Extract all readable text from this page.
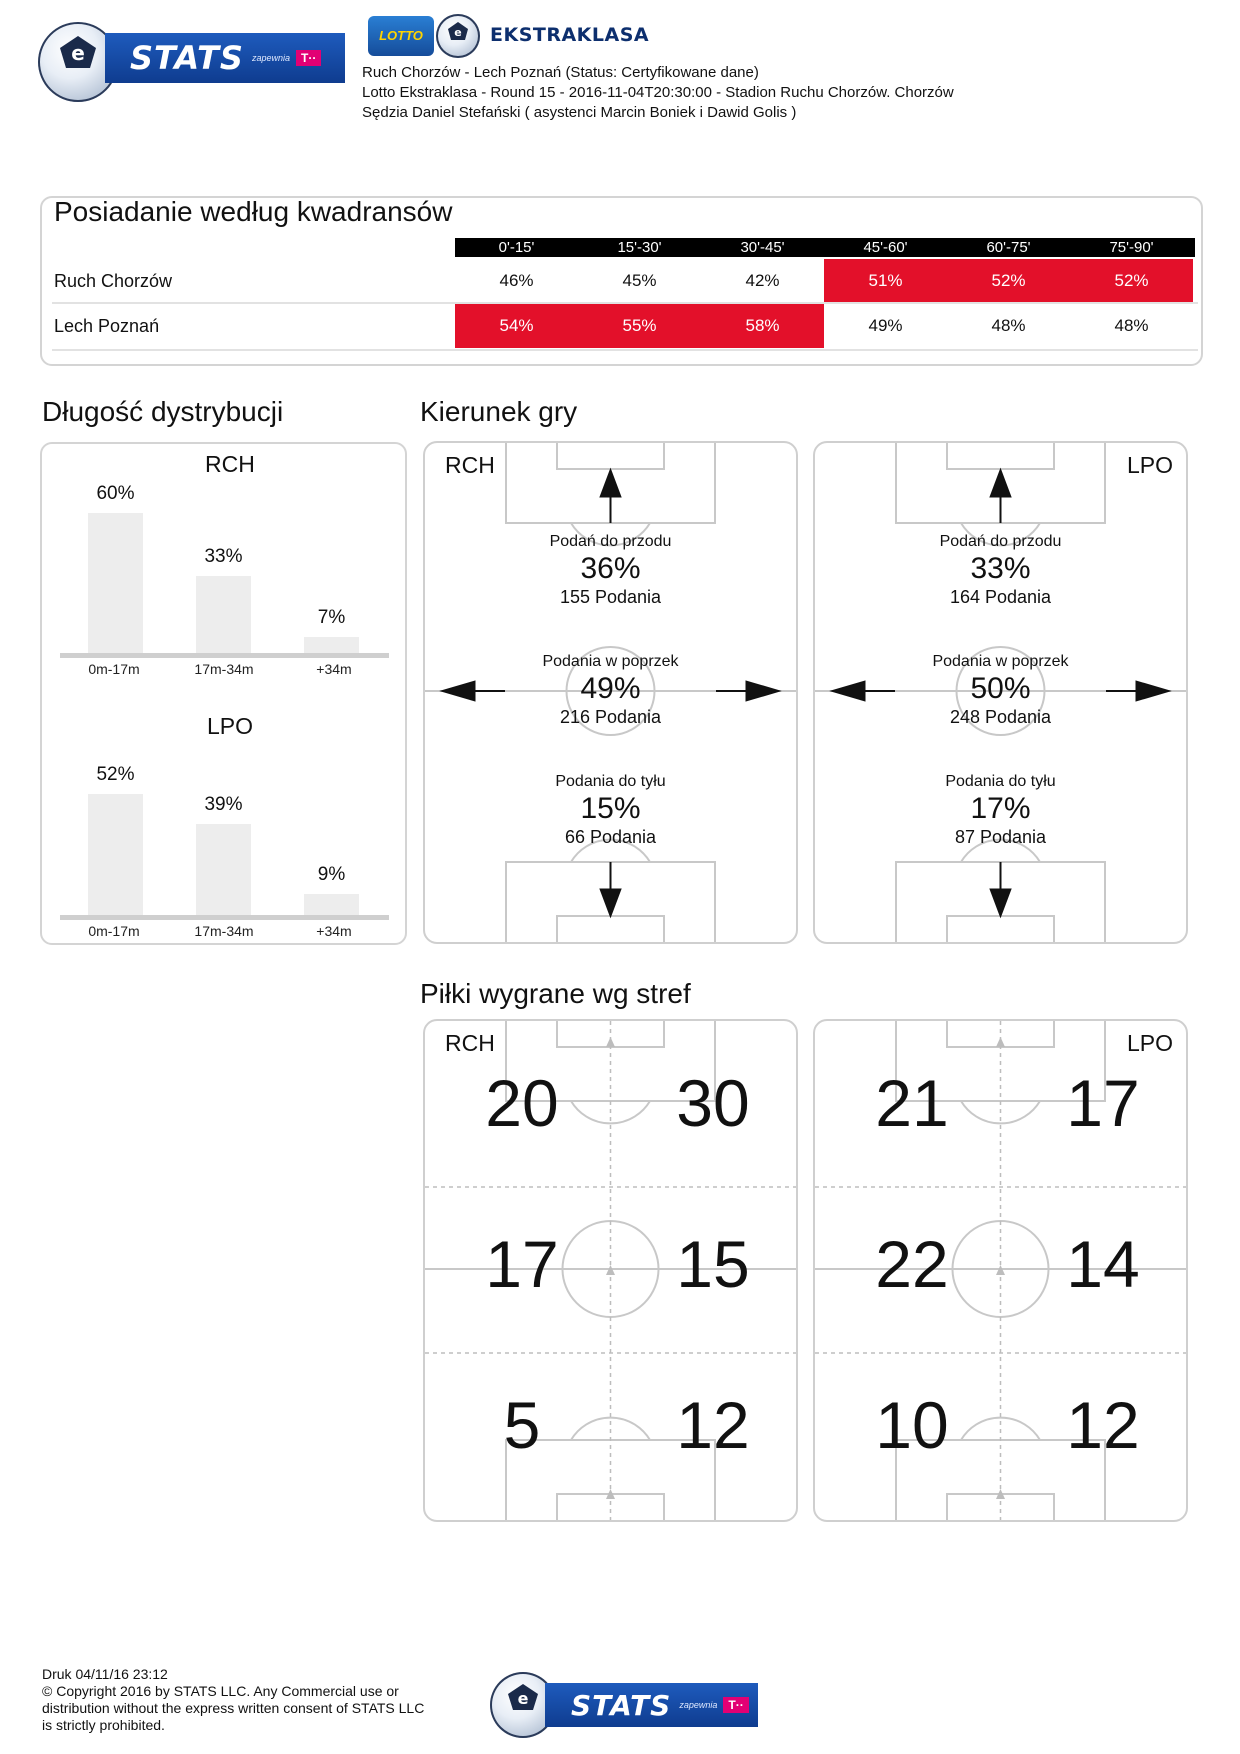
e STATS zapewnia T··
LOTTO	e EKSTRAKLASA
Ruch Chorzów - Lech Poznań (Status: Certyfikowane dane)
Lotto Ekstraklasa - Round 15 - 2016-11-04T20:30:00 - Stadion Ruchu Chorzów. Chorzów
Sędzia Daniel Stefański ( asystenci Marcin Boniek i Dawid Golis )
Posiadanie według kwadransów
0'-15'	15'-30'	30'-45'	45'-60'	60'-75'	75'-90'
Ruch Chorzów	46%	45%	42%	51%	52%	52%
Lech Poznań	54%	55%	58%	49%	48%	48%
Długość dystrybucji
RCH
60%
33%
7%
0m-17m	17m-34m	+34m
LPO
52%
39%
9%
0m-17m	17m-34m	+34m
Kierunek gry
RCH
Podań do przodu
36%
155 Podania
Podania w poprzek
49%
216 Podania
Podania do tyłu
15%
66 Podania
LPO
Podań do przodu
33%
164 Podania
Podania w poprzek
50%
248 Podania
Podania do tyłu
17%
87 Podania
Piłki wygrane wg stref
RCH
20	30
17	15
5	12
LPO
21	17
22	14
10	12
Druk 04/11/16 23:12
© Copyright 2016 by STATS LLC. Any Commercial use or
distribution without the express written consent of STATS LLC
is strictly prohibited.
e STATS zapewnia T··
